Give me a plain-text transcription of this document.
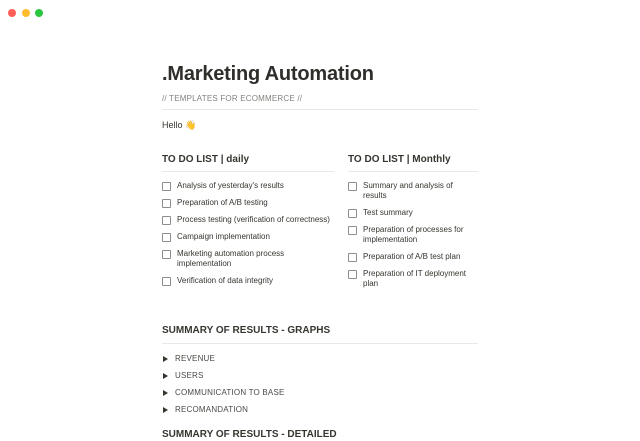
.Marketing Automation
// TEMPLATES FOR ECOMMERCE //
Hello 👋
TO DO LIST | daily
Analysis of yesterday's results
Preparation of A/B testing
Process testing (verification of correctness)
Campaign implementation
Marketing automation process implementation
Verification of data integrity
TO DO LIST | Monthly
Summary and analysis of results
Test summary
Preparation of processes for implementation
Preparation of A/B test plan
Preparation of IT deployment plan
SUMMARY OF RESULTS - GRAPHS
REVENUE
USERS
COMMUNICATION TO BASE
RECOMANDATION
SUMMARY OF RESULTS - DETAILED
